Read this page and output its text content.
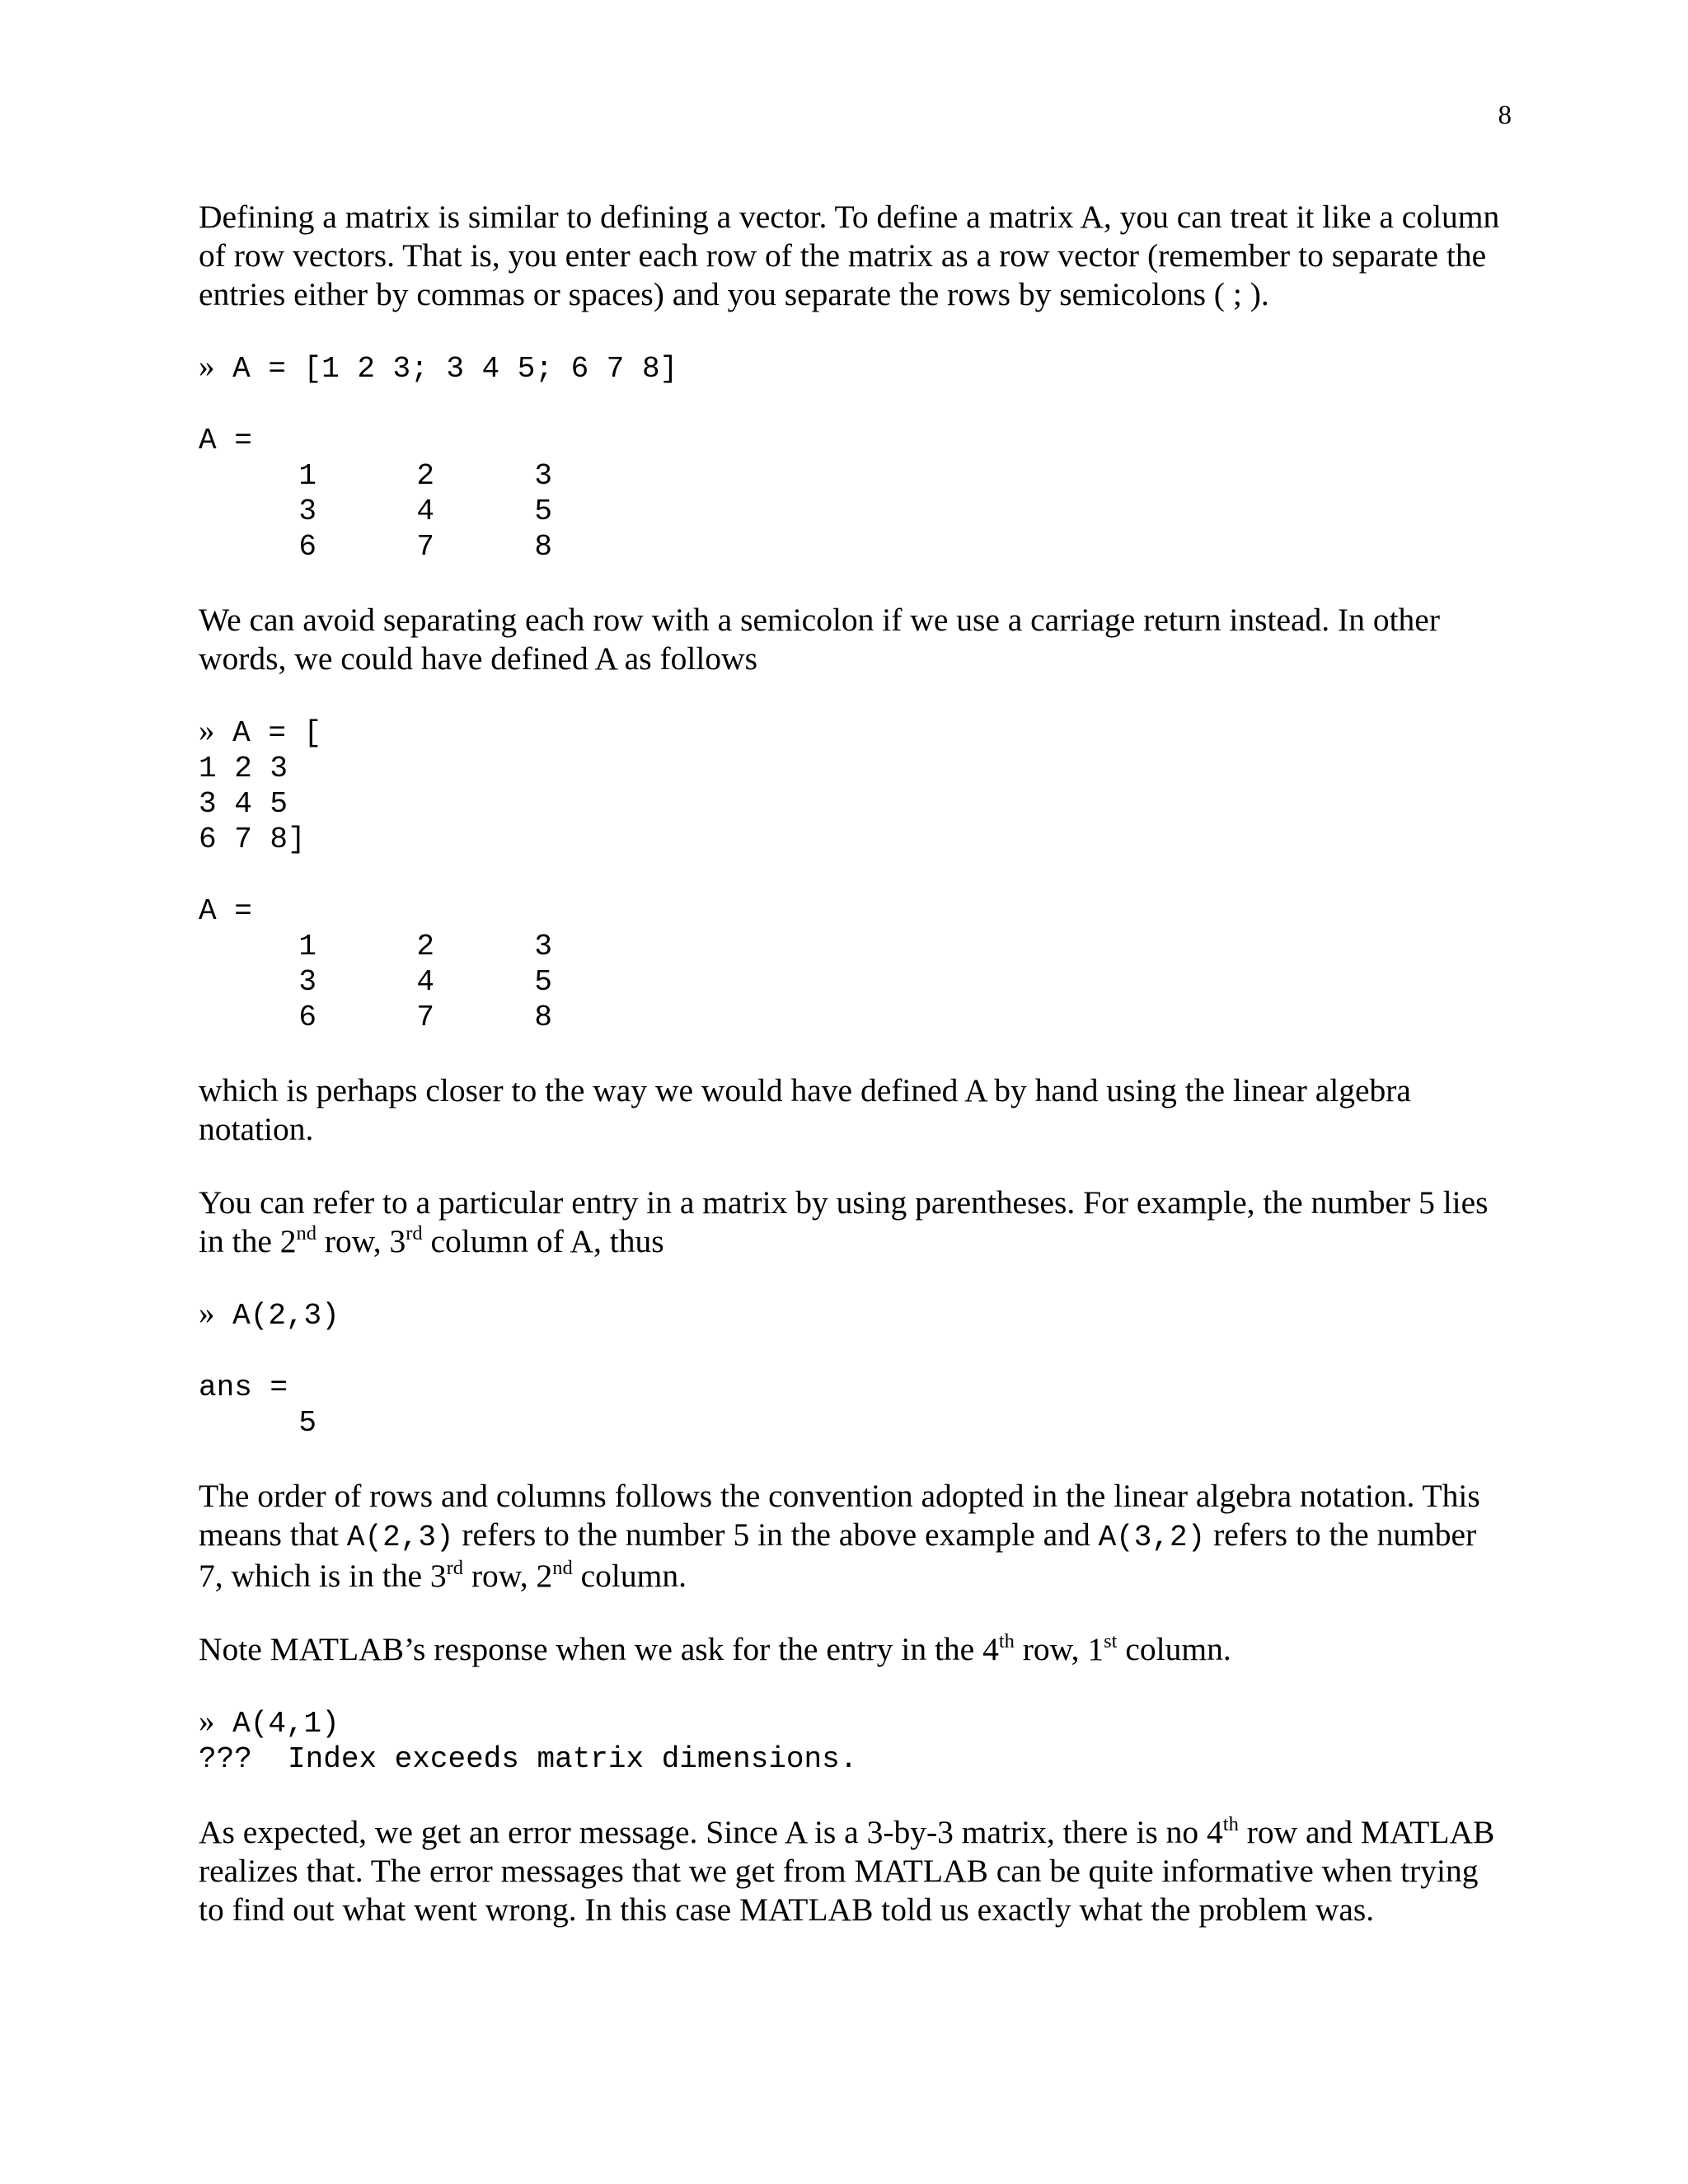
8

Defining a matrix is similar to defining a vector. To define a matrix A, you can treat it like a column of row vectors. That is, you enter each row of the matrix as a row vector (remember to separate the entries either by commas or spaces) and you separate the rows by semicolons ( ; ).

» A = [1 2 3; 3 4 5; 6 7 8]
A =
1	2	3
3	4	5
6	7	8

We can avoid separating each row with a semicolon if we use a carriage return instead. In other words, we could have defined A as follows

» A = [
1 2 3
3 4 5
6 7 8]
A =
1	2	3
3	4	5
6	7	8

which is perhaps closer to the way we would have defined A by hand using the linear algebra notation.

You can refer to a particular entry in a matrix by using parentheses. For example, the number 5 lies in the 2nd row, 3rd column of A, thus

» A(2,3)
ans =
5

The order of rows and columns follows the convention adopted in the linear algebra notation. This means that A(2,3) refers to the number 5 in the above example and A(3,2) refers to the number 7, which is in the 3rd row, 2nd column.

Note MATLAB’s response when we ask for the entry in the 4th row, 1st column.

» A(4,1)
??? Index exceeds matrix dimensions.

As expected, we get an error message. Since A is a 3-by-3 matrix, there is no 4th row and MATLAB realizes that. The error messages that we get from MATLAB can be quite informative when trying to find out what went wrong. In this case MATLAB told us exactly what the problem was.
